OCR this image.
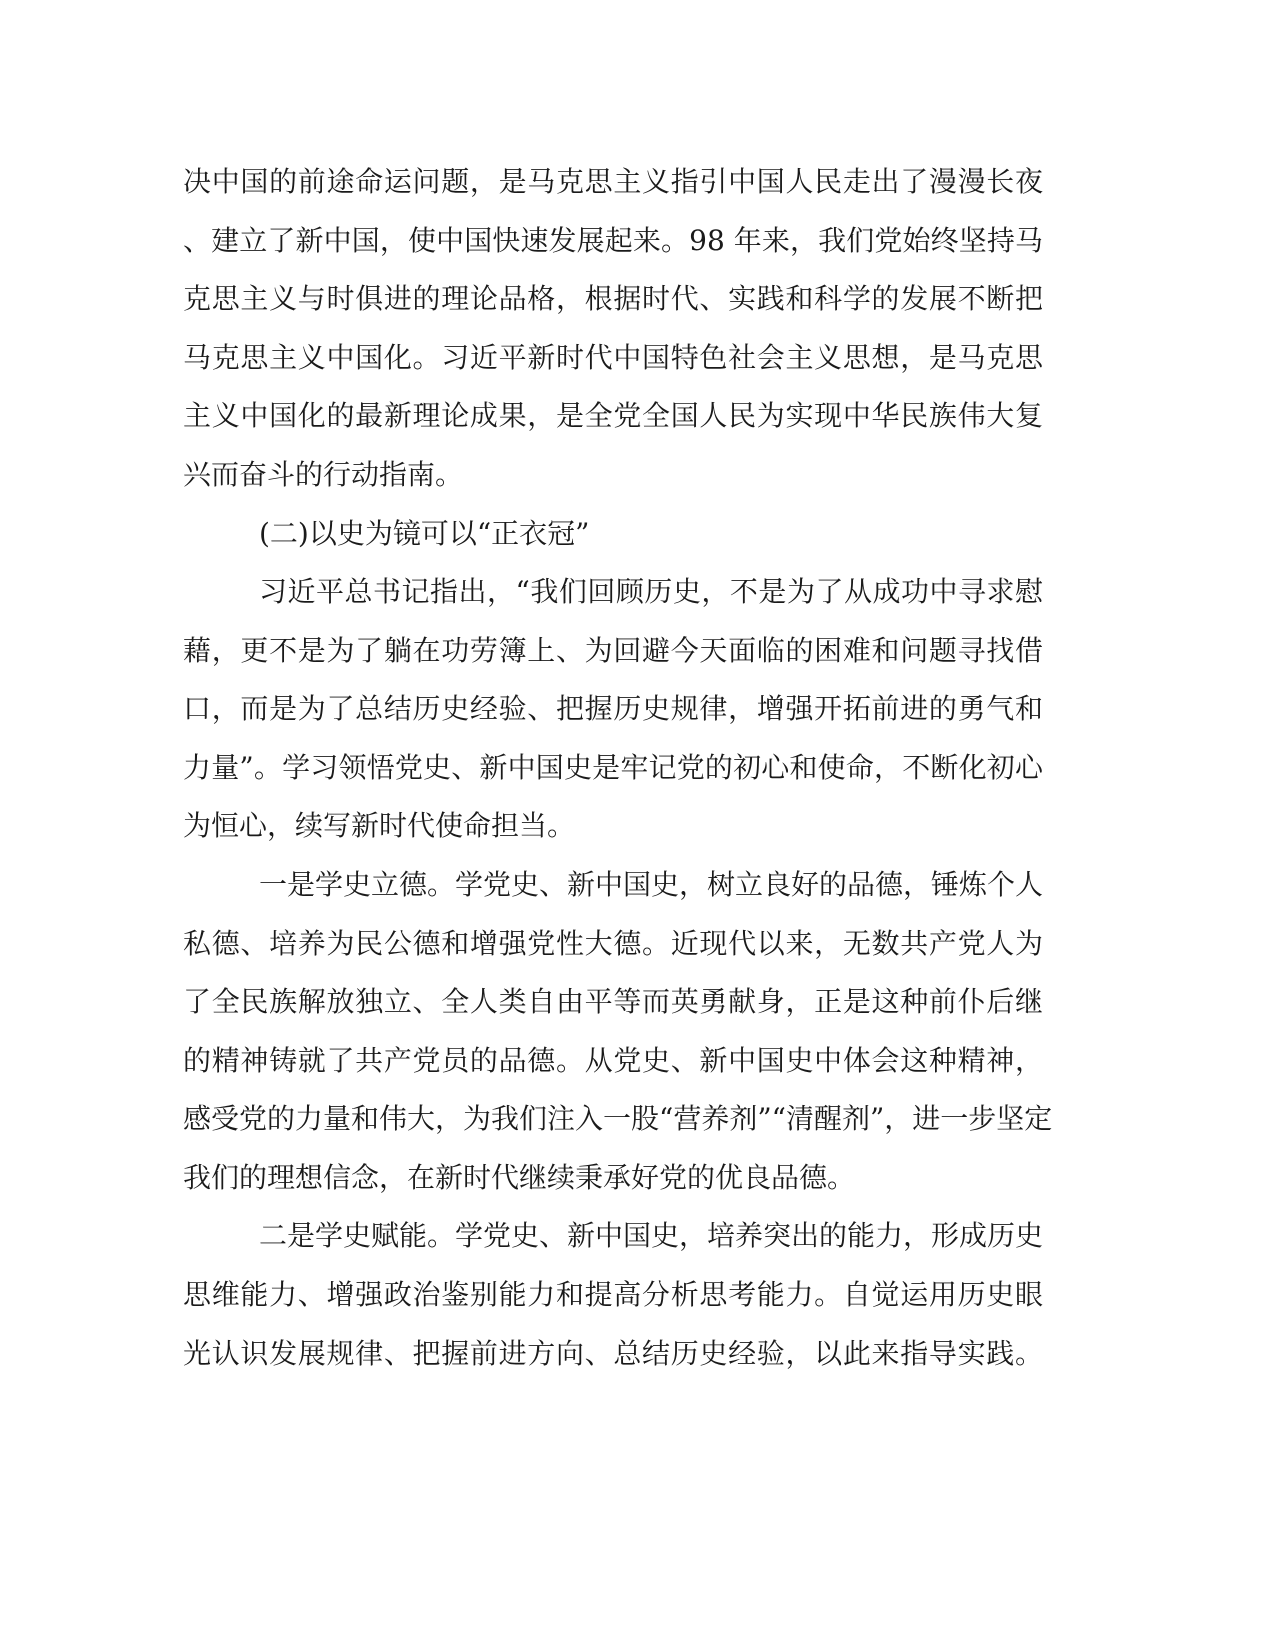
决中国的前途命运问题，是马克思主义指引中国人民走出了漫漫长夜
、建立了新中国，使中国快速发展起来。98 年来，我们党始终坚持马
克思主义与时俱进的理论品格，根据时代、实践和科学的发展不断把
马克思主义中国化。习近平新时代中国特色社会主义思想，是马克思
主义中国化的最新理论成果，是全党全国人民为实现中华民族伟大复
兴而奋斗的行动指南。
(二)以史为镜可以“正衣冠”
习近平总书记指出，“我们回顾历史，不是为了从成功中寻求慰
藉，更不是为了躺在功劳簿上、为回避今天面临的困难和问题寻找借
口，而是为了总结历史经验、把握历史规律，增强开拓前进的勇气和
力量”。学习领悟党史、新中国史是牢记党的初心和使命，不断化初心
为恒心，续写新时代使命担当。
一是学史立德。学党史、新中国史，树立良好的品德，锤炼个人
私德、培养为民公德和增强党性大德。近现代以来，无数共产党人为
了全民族解放独立、全人类自由平等而英勇献身，正是这种前仆后继
的精神铸就了共产党员的品德。从党史、新中国史中体会这种精神，
感受党的力量和伟大，为我们注入一股“营养剂”“清醒剂”，进一步坚定
我们的理想信念，在新时代继续秉承好党的优良品德。
二是学史赋能。学党史、新中国史，培养突出的能力，形成历史
思维能力、增强政治鉴别能力和提高分析思考能力。自觉运用历史眼
光认识发展规律、把握前进方向、总结历史经验，以此来指导实践。
